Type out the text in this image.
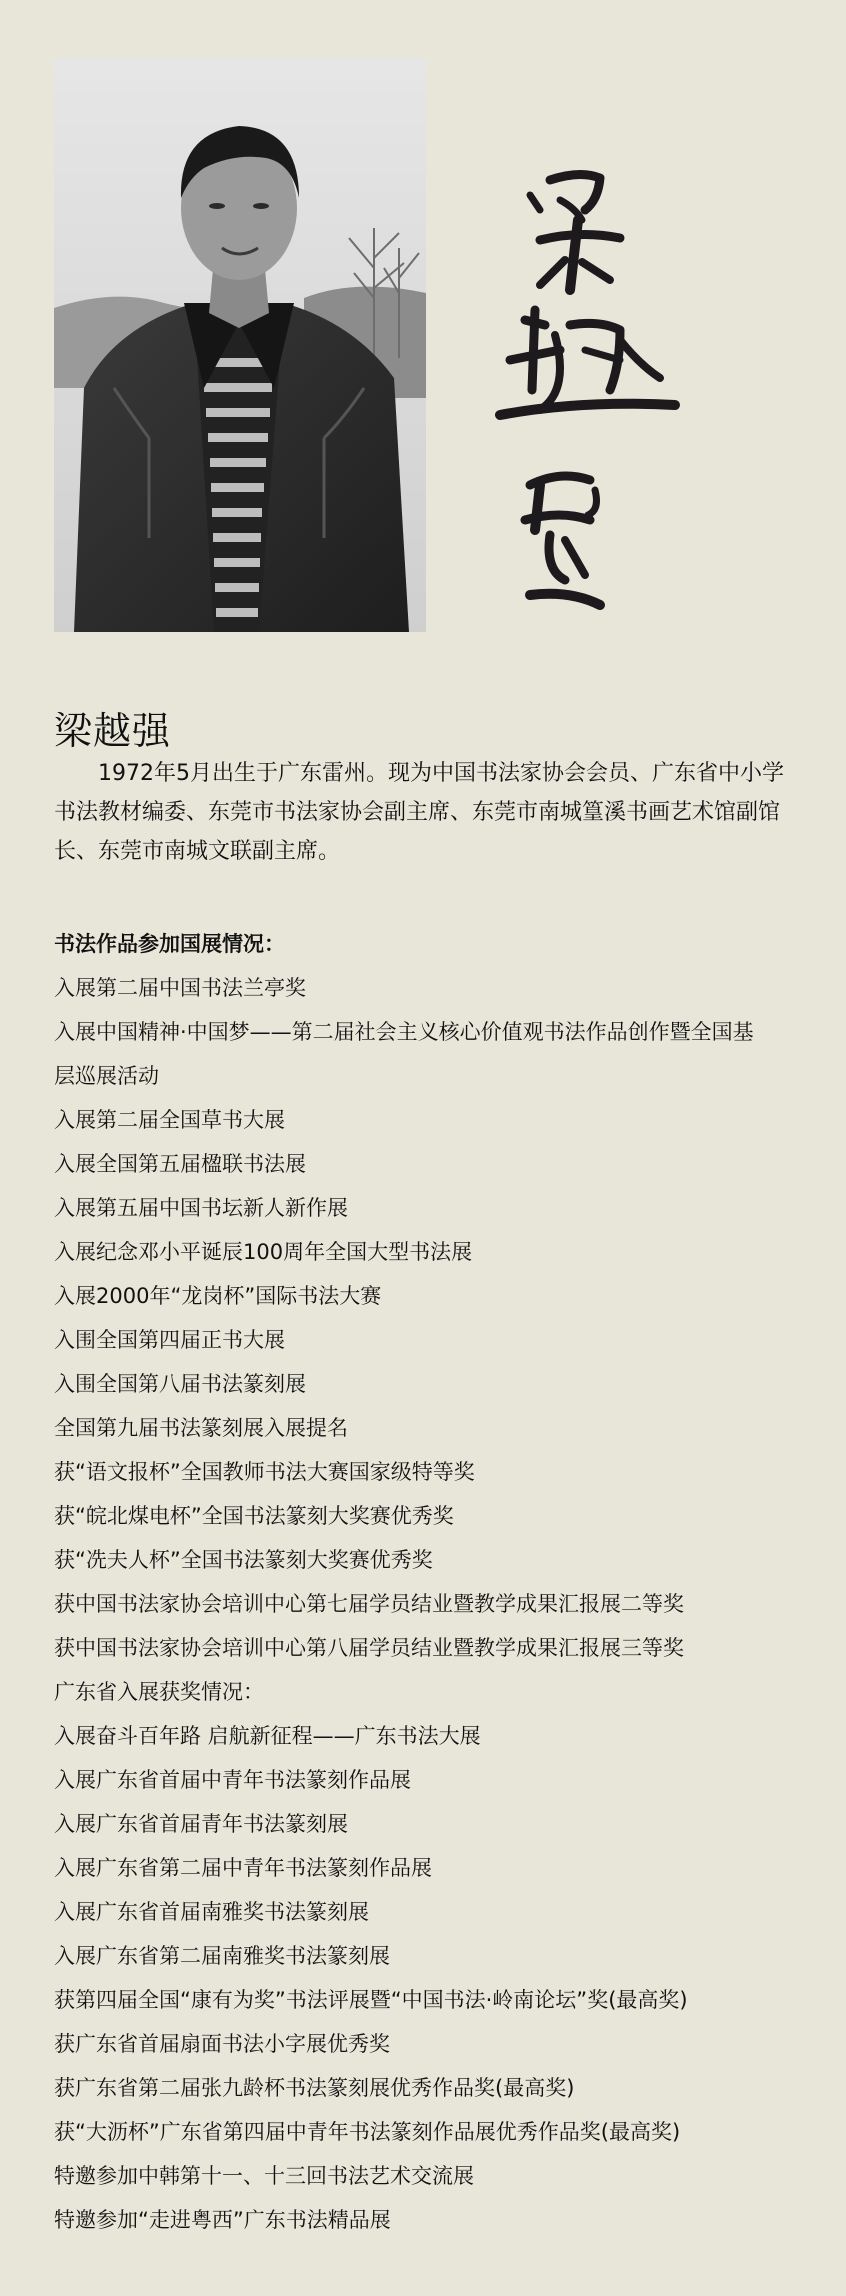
梁越强

1972年5月出生于广东雷州。现为中国书法家协会会员、广东省中小学书法教材编委、东莞市书法家协会副主席、东莞市南城篁溪书画艺术馆副馆长、东莞市南城文联副主席。

书法作品参加国展情况：

入展第二届中国书法兰亭奖
入展中国精神·中国梦——第二届社会主义核心价值观书法作品创作暨全国基层巡展活动
入展第二届全国草书大展
入展全国第五届楹联书法展
入展第五届中国书坛新人新作展
入展纪念邓小平诞辰100周年全国大型书法展
入展2000年“龙岗杯”国际书法大赛
入围全国第四届正书大展
入围全国第八届书法篆刻展
全国第九届书法篆刻展入展提名
获“语文报杯”全国教师书法大赛国家级特等奖
获“皖北煤电杯”全国书法篆刻大奖赛优秀奖
获“冼夫人杯”全国书法篆刻大奖赛优秀奖
获中国书法家协会培训中心第七届学员结业暨教学成果汇报展二等奖
获中国书法家协会培训中心第八届学员结业暨教学成果汇报展三等奖
广东省入展获奖情况：
入展奋斗百年路 启航新征程——广东书法大展
入展广东省首届中青年书法篆刻作品展
入展广东省首届青年书法篆刻展
入展广东省第二届中青年书法篆刻作品展
入展广东省首届南雅奖书法篆刻展
入展广东省第二届南雅奖书法篆刻展
获第四届全国“康有为奖”书法评展暨“中国书法·岭南论坛”奖(最高奖)
获广东省首届扇面书法小字展优秀奖
获广东省第二届张九龄杯书法篆刻展优秀作品奖(最高奖)
获“大沥杯”广东省第四届中青年书法篆刻作品展优秀作品奖(最高奖)
特邀参加中韩第十一、十三回书法艺术交流展
特邀参加“走进粤西”广东书法精品展
